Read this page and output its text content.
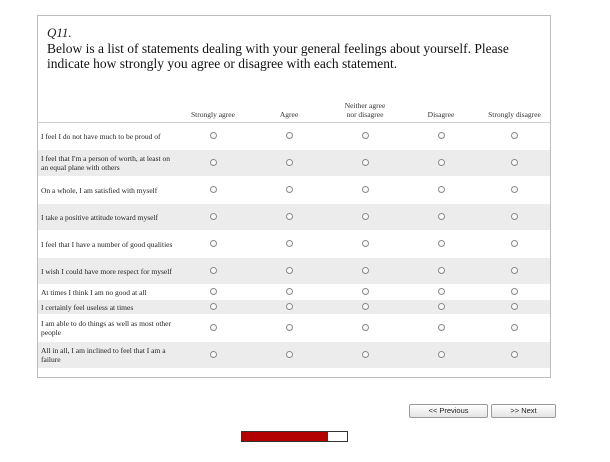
Q11.
Below is a list of statements dealing with your general feelings about yourself. Please indicate how strongly you agree or disagree with each statement.
	Strongly agree	Agree	Neither agree nor disagree	Disagree	Strongly disagree
I feel I do not have much to be proud of					
I feel that I'm a person of worth, at least on an equal plane with others					
On a whole, I am satisfied with myself					
I take a positive attitude toward myself					
I feel that I have a number of good qualities					
I wish I could have more respect for myself					
At times I think I am no good at all					
I certainly feel useless at times					
I am able to do things as well as most other people					
All in all, I am inclined to feel that I am a failure					
<< Previous	>> Next
